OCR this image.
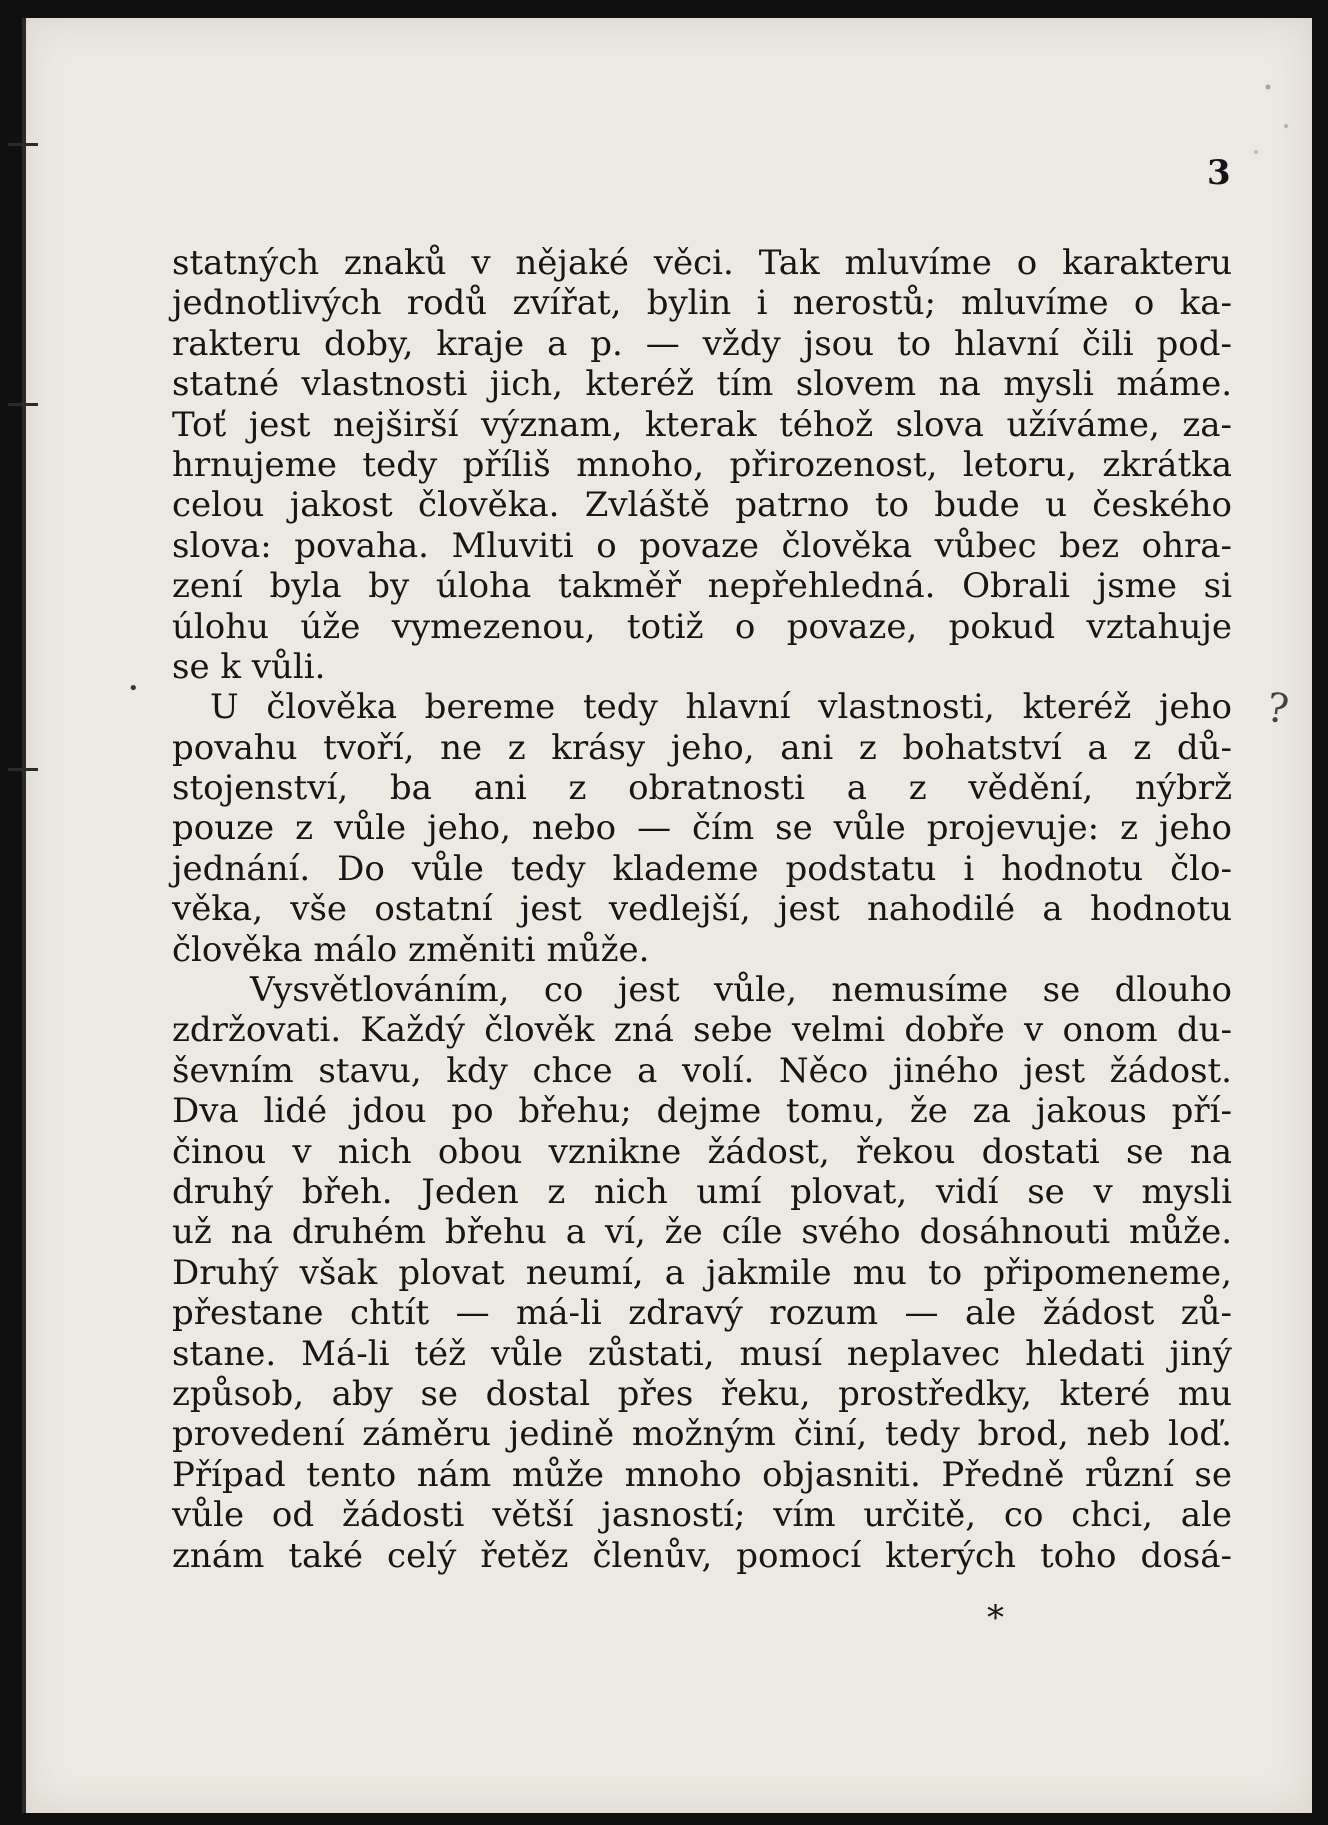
3
•	?
statných znaků v nějaké věci. Tak mluvíme o karakteru
jednotlivých rodů zvířat, bylin i nerostů; mluvíme o ka-
rakteru doby, kraje a p. — vždy jsou to hlavní čili pod-
statné vlastnosti jich, kteréž tím slovem na mysli máme.
Toť jest nejširší význam, kterak téhož slova užíváme, za-
hrnujeme tedy příliš mnoho, přirozenost, letoru, zkrátka
celou jakost člověka. Zvláště patrno to bude u českého
slova: povaha. Mluviti o povaze člověka vůbec bez ohra-
zení byla by úloha takměř nepřehledná. Obrali jsme si
úlohu úže vymezenou, totiž o povaze, pokud vztahuje
se k vůli.
U člověka bereme tedy hlavní vlastnosti, kteréž jeho
povahu tvoří, ne z krásy jeho, ani z bohatství a z dů-
stojenství, ba ani z obratnosti a z vědění, nýbrž
pouze z vůle jeho, nebo — čím se vůle projevuje: z jeho
jednání. Do vůle tedy klademe podstatu i hodnotu člo-
věka, vše ostatní jest vedlejší, jest nahodilé a hodnotu
člověka málo změniti může.
Vysvětlováním, co jest vůle, nemusíme se dlouho
zdržovati. Každý člověk zná sebe velmi dobře v onom du-
ševním stavu, kdy chce a volí. Něco jiného jest žádost.
Dva lidé jdou po břehu; dejme tomu, že za jakous pří-
činou v nich obou vznikne žádost, řekou dostati se na
druhý břeh. Jeden z nich umí plovat, vidí se v mysli
už na druhém břehu a ví, že cíle svého dosáhnouti může.
Druhý však plovat neumí, a jakmile mu to připomeneme,
přestane chtít — má-li zdravý rozum — ale žádost zů-
stane. Má-li též vůle zůstati, musí neplavec hledati jiný
způsob, aby se dostal přes řeku, prostředky, které mu
provedení záměru jedině možným činí, tedy brod, neb loď.
Případ tento nám může mnoho objasniti. Předně různí se
vůle od žádosti větší jasností; vím určitě, co chci, ale
znám také celý řetěz členův, pomocí kterých toho dosá-
*
